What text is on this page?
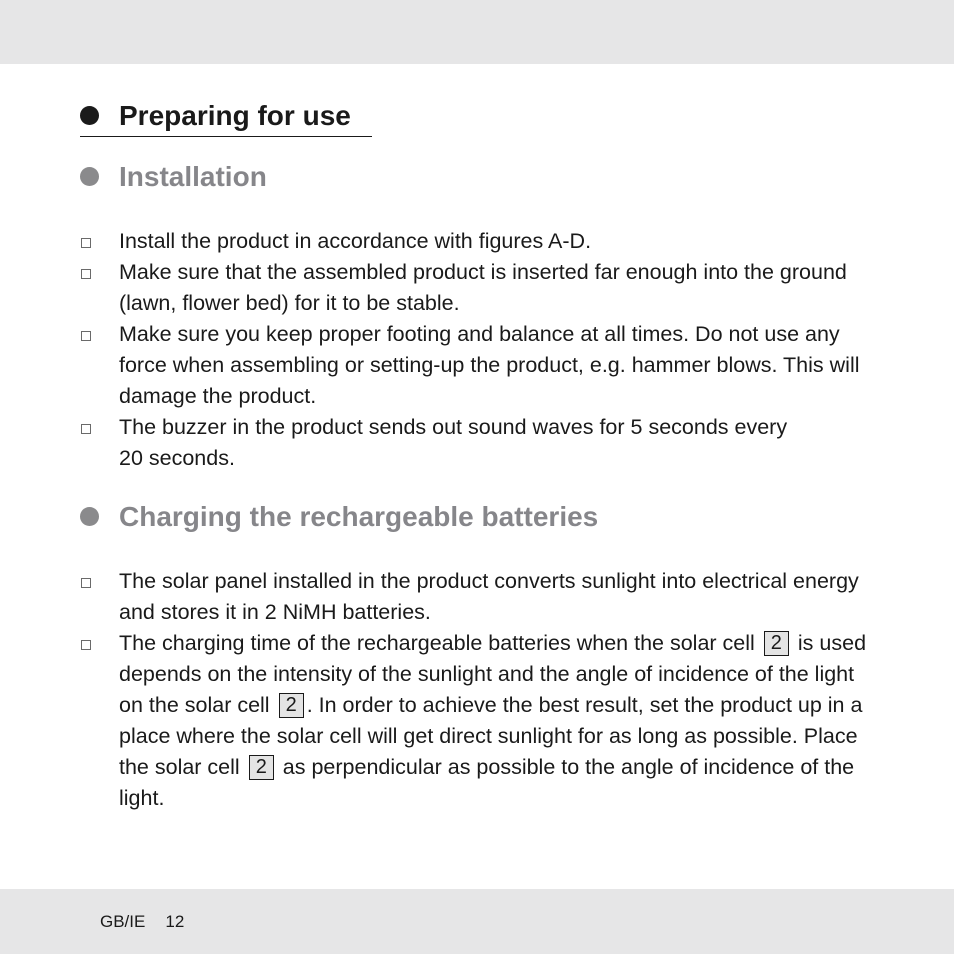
Preparing for use
Installation
Install the product in accordance with figures A-D.
Make sure that the assembled product is inserted far enough into the ground (lawn, flower bed) for it to be stable.
Make sure you keep proper footing and balance at all times. Do not use any force when assembling or setting-up the product, e.g. hammer blows. This will damage the product.
The buzzer in the product sends out sound waves for 5 seconds every 20 seconds.
Charging the rechargeable batteries
The solar panel installed in the product converts sunlight into electrical energy and stores it in 2 NiMH batteries.
The charging time of the rechargeable batteries when the solar cell 2 is used depends on the intensity of the sunlight and the angle of incidence of the light on the solar cell 2 . In order to achieve the best result, set the product up in a place where the solar cell will get direct sunlight for as long as possible. Place the solar cell 2 as perpendicular as possible to the angle of incidence of the light.
GB/IE 12
